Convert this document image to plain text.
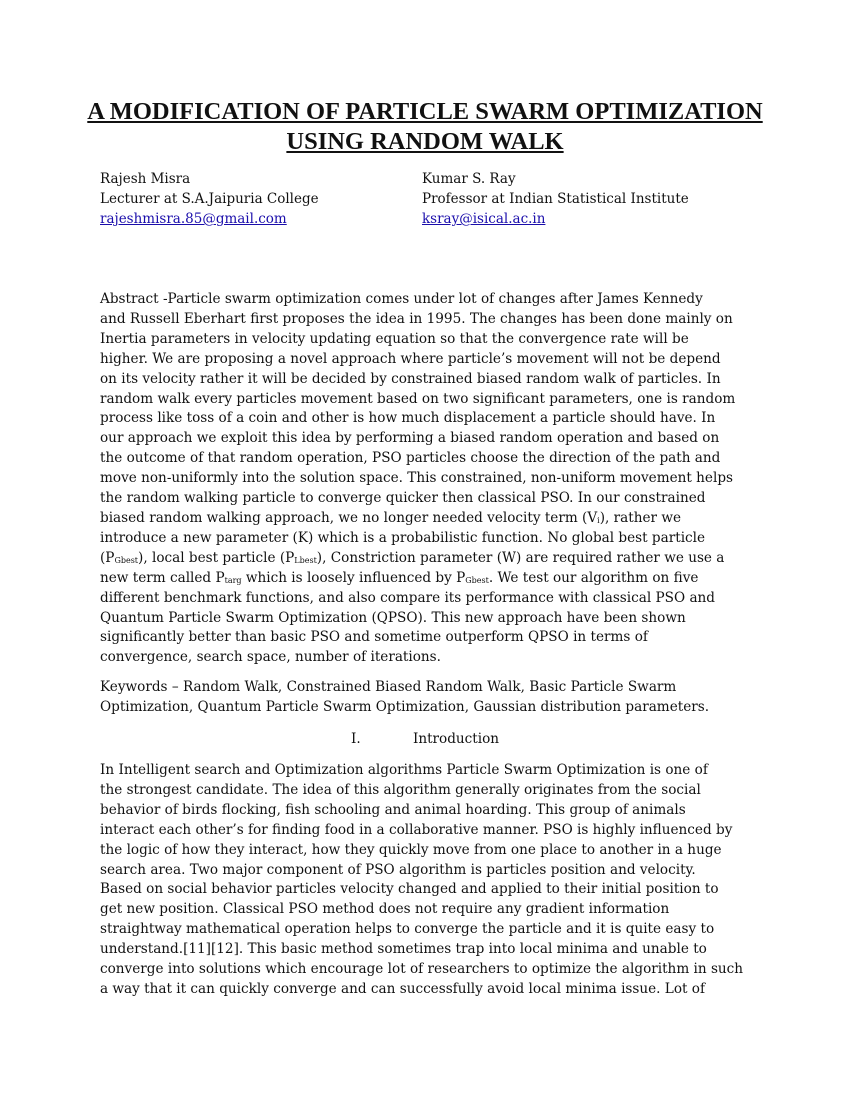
A MODIFICATION OF PARTICLE SWARM OPTIMIZATION
USING RANDOM WALK
Rajesh Misra
Lecturer at S.A.Jaipuria College
rajeshmisra.85@gmail.com
Kumar S. Ray
Professor at Indian Statistical Institute
ksray@isical.ac.in
Abstract -Particle swarm optimization comes under lot of changes after James Kennedy
and Russell Eberhart first proposes the idea in 1995. The changes has been done mainly on
Inertia parameters in velocity updating equation so that the convergence rate will be
higher. We are proposing a novel approach where particle’s movement will not be depend
on its velocity rather it will be decided by constrained biased random walk of particles. In
random walk every particles movement based on two significant parameters, one is random
process like toss of a coin and other is how much displacement a particle should have. In
our approach we exploit this idea by performing a biased random operation and based on
the outcome of that random operation, PSO particles choose the direction of the path and
move non-uniformly into the solution space. This constrained, non-uniform movement helps
the random walking particle to converge quicker then classical PSO. In our constrained
biased random walking approach, we no longer needed velocity term $(V_i)$, rather we
introduce a new parameter (K) which is a probabilistic function. No global best particle
$(P_{Gbest})$, local best particle $(P_{Lbest})$, Constriction parameter (W) are required rather we use a
new term called $P_{targ}$ which is loosely influenced by $P_{Gbest}$. We test our algorithm on five
different benchmark functions, and also compare its performance with classical PSO and
Quantum Particle Swarm Optimization (QPSO). This new approach have been shown
significantly better than basic PSO and sometime outperform QPSO in terms of
convergence, search space, number of iterations.
Keywords – Random Walk, Constrained Biased Random Walk, Basic Particle Swarm
Optimization, Quantum Particle Swarm Optimization, Gaussian distribution parameters.
I.	Introduction
In Intelligent search and Optimization algorithms Particle Swarm Optimization is one of
the strongest candidate. The idea of this algorithm generally originates from the social
behavior of birds flocking, fish schooling and animal hoarding. This group of animals
interact each other’s for finding food in a collaborative manner. PSO is highly influenced by
the logic of how they interact, how they quickly move from one place to another in a huge
search area. Two major component of PSO algorithm is particles position and velocity.
Based on social behavior particles velocity changed and applied to their initial position to
get new position. Classical PSO method does not require any gradient information
straightway mathematical operation helps to converge the particle and it is quite easy to
understand.[11][12]. This basic method sometimes trap into local minima and unable to
converge into solutions which encourage lot of researchers to optimize the algorithm in such
a way that it can quickly converge and can successfully avoid local minima issue. Lot of
